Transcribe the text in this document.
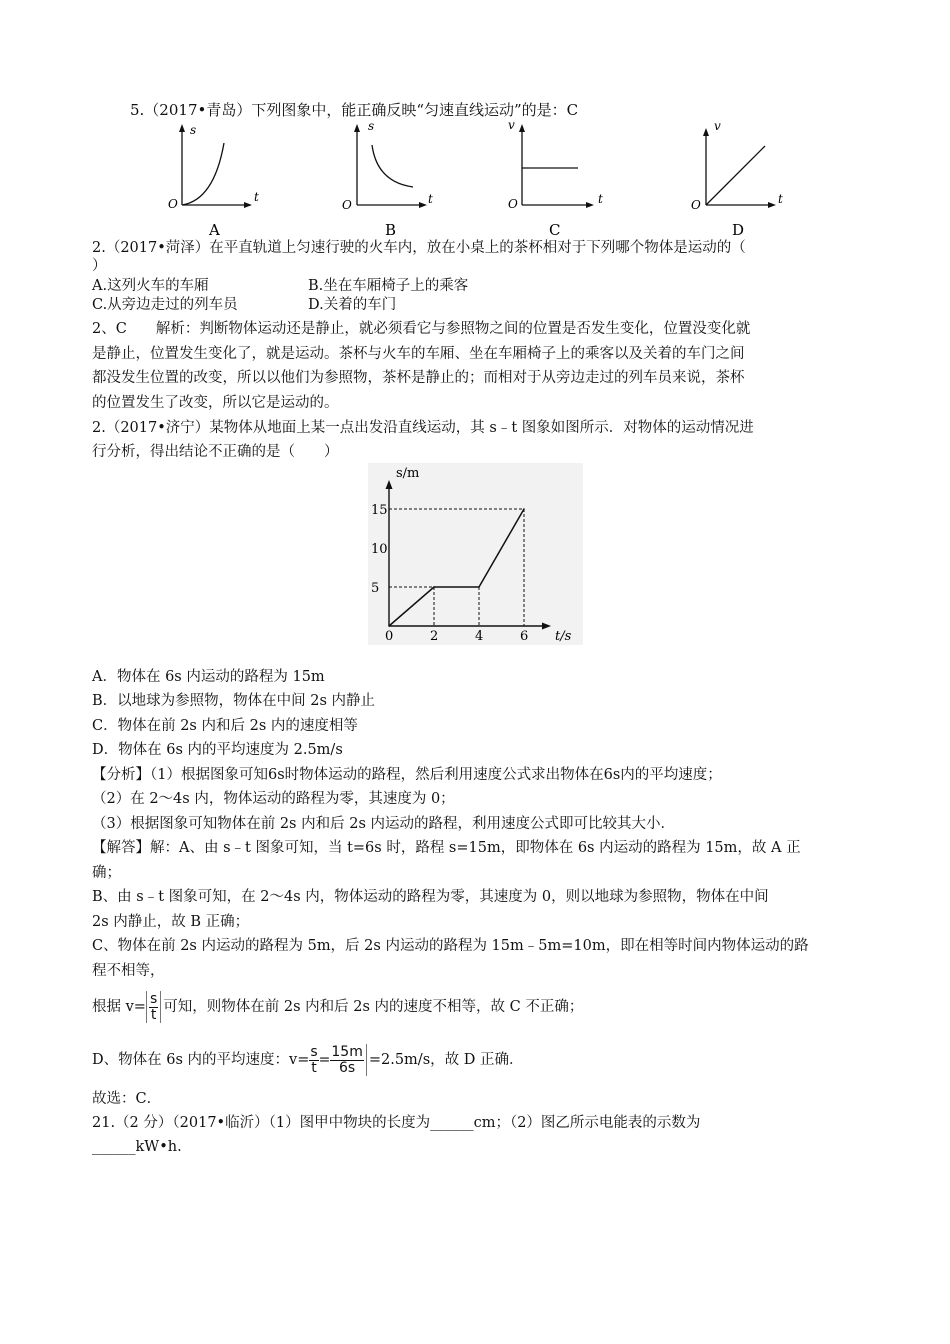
5.（2017•青岛）下列图象中，能正确反映“匀速直线运动”的是：C
s
t
O
A
s
t
O
B
v
t
O
C
v
t
O
D
2.（2017•菏泽）在平直轨道上匀速行驶的火车内，放在小桌上的茶杯相对于下列哪个物体是运动的（
）
A.这列火车的车厢	B.坐在车厢椅子上的乘客
C.从旁边走过的列车员	D.关着的车门
2、C　　解析：判断物体运动还是静止，就必须看它与参照物之间的位置是否发生变化，位置没变化就
是静止，位置发生变化了，就是运动。茶杯与火车的车厢、坐在车厢椅子上的乘客以及关着的车门之间
都没发生位置的改变，所以以他们为参照物，茶杯是静止的；而相对于从旁边走过的列车员来说，茶杯
的位置发生了改变，所以它是运动的。
2.（2017•济宁）某物体从地面上某一点出发沿直线运动，其 s﹣t 图象如图所示．对物体的运动情况进
行分析，得出结论不正确的是（　　）
0	2	4	6
5
10
15
s/m
t/s
A．物体在 6s 内运动的路程为 15m
B．以地球为参照物，物体在中间 2s 内静止
C．物体在前 2s 内和后 2s 内的速度相等
D．物体在 6s 内的平均速度为 2.5m/s
【分析】（1）根据图象可知6s时物体运动的路程，然后利用速度公式求出物体在6s内的平均速度；
（2）在 2～4s 内，物体运动的路程为零，其速度为 0；
（3）根据图象可知物体在前 2s 内和后 2s 内运动的路程，利用速度公式即可比较其大小．
【解答】解：A、由 s﹣t 图象可知，当 t=6s 时，路程 s=15m，即物体在 6s 内运动的路程为 15m，故 A 正
确；
B、由 s﹣t 图象可知，在 2～4s 内，物体运动的路程为零，其速度为 0，则以地球为参照物，物体在中间
2s 内静止，故 B 正确；
C、物体在前 2s 内运动的路程为 5m，后 2s 内运动的路程为 15m﹣5m=10m，即在相等时间内物体运动的路
程不相等，
根据 $v= \frac{s}{t}$ 可知，则物体在前 2s 内和后 2s 内的速度不相等，故 C 不正确；
D、物体在 6s 内的平均速度：$v= \frac{s}{t} = \frac{15m}{6s} =2.5m/s$，故 D 正确．
故选：C．
21.（2 分）（2017•临沂）（1）图甲中物块的长度为______cm；（2）图乙所示电能表的示数为
______kW•h.
